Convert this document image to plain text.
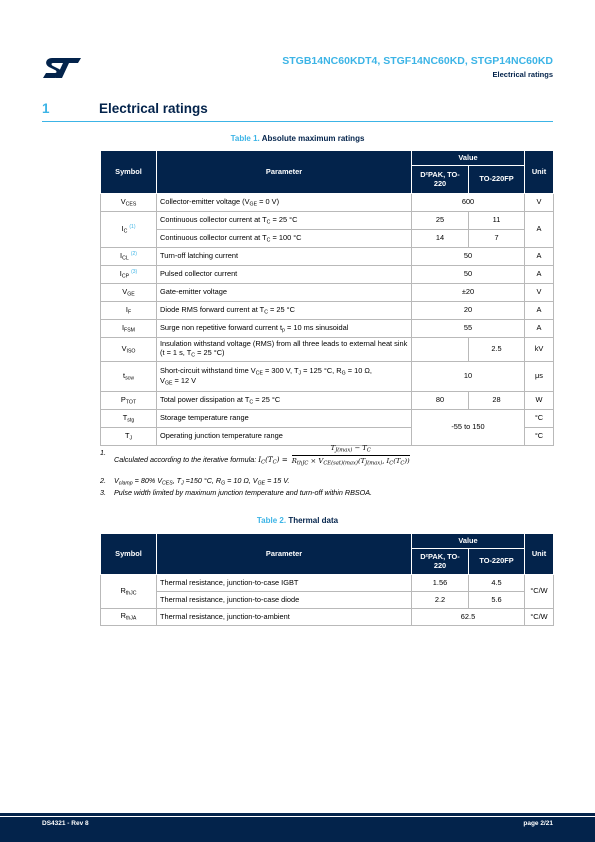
STGB14NC60KDT4, STGF14NC60KD, STGP14NC60KD
Electrical ratings
1	Electrical ratings
Table 1. Absolute maximum ratings
Symbol	Parameter	Value		Unit
		D²PAK, TO-220	TO-220FP	
$V_{CES}$	Collector-emitter voltage ($V_{GE} = 0$ V)	600		V
$I_C$ $^{(1)}$	Continuous collector current at $T_C = 25$ °C	25	11	A
	Continuous collector current at $T_C = 100$ °C	14	7	
$I_{CL}$ $^{(2)}$	Turn-off latching current	50		A
$I_{CP}$ $^{(3)}$	Pulsed collector current	50		A
$V_{GE}$	Gate-emitter voltage	±20		V
$I_F$	Diode RMS forward current at $T_C = 25$ °C	20		A
$I_{FSM}$	Surge non repetitive forward current $t_p = 10$ ms sinusoidal	55		A
$V_{ISO}$	Insulation withstand voltage (RMS) from all three leads to external heat sink (t = 1 s, $T_C = 25$ °C)		2.5	kV
$t_{scw}$	Short-circuit withstand time $V_{CE} = 300$ V, $T_J = 125$ °C, $R_G = 10$ Ω,
$V_{GE} = 12$ V	10		μs
$P_{TOT}$	Total power dissipation at $T_C = 25$ °C	80	28	W
$T_{stg}$	Storage temperature range	-55 to 150		°C
$T_J$	Operating junction temperature range			°C
1.
Calculated according to the iterative formula: $I_C(T_C) = \frac{T_{J(max)} - T_C}{R_{thJC} \times V_{CE(sat)(max)}(T_{J(max)}, I_C(T_C))}$
2. $V_{clamp} = 80\%$ $V_{CES}$, $T_J =150$ °C, $R_G = 10$ Ω, $V_{GE} = 15$ V.
3. Pulse width limited by maximum junction temperature and turn-off within RBSOA.
Table 2. Thermal data
Symbol	Parameter	Value		Unit
		D²PAK, TO-220	TO-220FP	
$R_{thJC}$	Thermal resistance, junction-to-case IGBT	1.56	4.5	°C/W
	Thermal resistance, junction-to-case diode	2.2	5.6	
$R_{thJA}$	Thermal resistance, junction-to-ambient	62.5		°C/W
DS4321 - Rev 8	page 2/21
